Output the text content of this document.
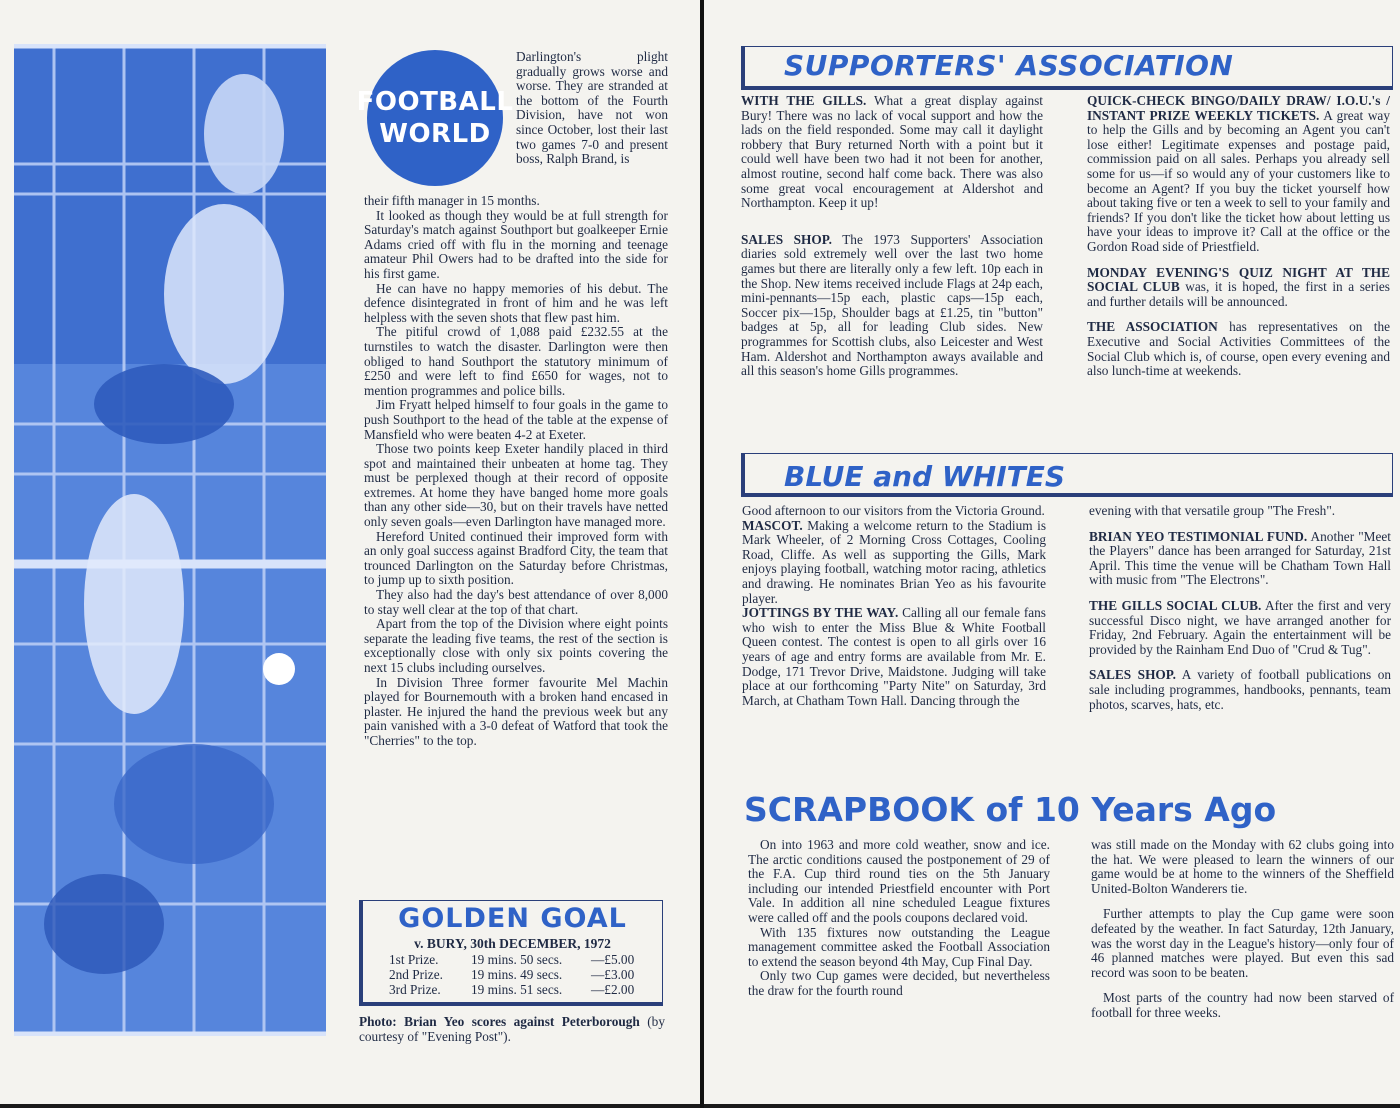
FOOTBALL
WORLD

Darlington's plight gradually grows worse and worse. They are stranded at the bottom of the Fourth Division, have not won since October, lost their last two games 7-0 and present boss, Ralph Brand, is

their fifth manager in 15 months.

It looked as though they would be at full strength for Saturday's match against Southport but goalkeeper Ernie Adams cried off with flu in the morning and teenage amateur Phil Owers had to be drafted into the side for his first game.

He can have no happy memories of his debut. The defence disintegrated in front of him and he was left helpless with the seven shots that flew past him.

The pitiful crowd of 1,088 paid £232.55 at the turnstiles to watch the disaster. Darlington were then obliged to hand Southport the statutory minimum of £250 and were left to find £650 for wages, not to mention programmes and police bills.

Jim Fryatt helped himself to four goals in the game to push Southport to the head of the table at the expense of Mansfield who were beaten 4-2 at Exeter.

Those two points keep Exeter handily placed in third spot and maintained their unbeaten at home tag. They must be perplexed though at their record of opposite extremes. At home they have banged home more goals than any other side—30, but on their travels have netted only seven goals—even Darlington have managed more.

Hereford United continued their improved form with an only goal success against Bradford City, the team that trounced Darlington on the Saturday before Christmas, to jump up to sixth position.

They also had the day's best attendance of over 8,000 to stay well clear at the top of that chart.

Apart from the top of the Division where eight points separate the leading five teams, the rest of the section is exceptionally close with only six points covering the next 15 clubs including ourselves.

In Division Three former favourite Mel Machin played for Bournemouth with a broken hand encased in plaster. He injured the hand the previous week but any pain vanished with a 3-0 defeat of Watford that took the "Cherries" to the top.

GOLDEN GOAL
v. BURY, 30th DECEMBER, 1972
1st Prize. 19 mins. 50 secs. —£5.00
2nd Prize. 19 mins. 49 secs. —£3.00
3rd Prize. 19 mins. 51 secs. —£2.00
Photo: Brian Yeo scores against Peterborough (by courtesy of "Evening Post").
SUPPORTERS' ASSOCIATION

WITH THE GILLS. What a great display against Bury! There was no lack of vocal support and how the lads on the field responded. Some may call it daylight robbery that Bury returned North with a point but it could well have been two had it not been for another, almost routine, second half come back. There was also some great vocal encouragement at Aldershot and Northampton. Keep it up!

SALES SHOP. The 1973 Supporters' Association diaries sold extremely well over the last two home games but there are literally only a few left. 10p each in the Shop. New items received include Flags at 24p each, mini-pennants—15p each, plastic caps—15p each, Soccer pix—15p, Shoulder bags at £1.25, tin "button" badges at 5p, all for leading Club sides. New programmes for Scottish clubs, also Leicester and West Ham. Aldershot and Northampton aways available and all this season's home Gills programmes.

QUICK-CHECK BINGO/DAILY DRAW/ I.O.U.'s / INSTANT PRIZE WEEKLY TICKETS. A great way to help the Gills and by becoming an Agent you can't lose either! Legitimate expenses and postage paid, commission paid on all sales. Perhaps you already sell some for us—if so would any of your customers like to become an Agent? If you buy the ticket yourself how about taking five or ten a week to sell to your family and friends? If you don't like the ticket how about letting us have your ideas to improve it? Call at the office or the Gordon Road side of Priestfield.

MONDAY EVENING'S QUIZ NIGHT AT THE SOCIAL CLUB was, it is hoped, the first in a series and further details will be announced.

THE ASSOCIATION has representatives on the Executive and Social Activities Committees of the Social Club which is, of course, open every evening and also lunch-time at weekends.

BLUE and WHITES

Good afternoon to our visitors from the Victoria Ground.

MASCOT. Making a welcome return to the Stadium is Mark Wheeler, of 2 Morning Cross Cottages, Cooling Road, Cliffe. As well as supporting the Gills, Mark enjoys playing football, watching motor racing, athletics and drawing. He nominates Brian Yeo as his favourite player.

JOTTINGS BY THE WAY. Calling all our female fans who wish to enter the Miss Blue & White Football Queen contest. The contest is open to all girls over 16 years of age and entry forms are available from Mr. E. Dodge, 171 Trevor Drive, Maidstone. Judging will take place at our forthcoming "Party Nite" on Saturday, 3rd March, at Chatham Town Hall. Dancing through the

evening with that versatile group "The Fresh".

BRIAN YEO TESTIMONIAL FUND. Another "Meet the Players" dance has been arranged for Saturday, 21st April. This time the venue will be Chatham Town Hall with music from "The Electrons".

THE GILLS SOCIAL CLUB. After the first and very successful Disco night, we have arranged another for Friday, 2nd February. Again the entertainment will be provided by the Rainham End Duo of "Crud & Tug".

SALES SHOP. A variety of football publications on sale including programmes, handbooks, pennants, team photos, scarves, hats, etc.

SCRAPBOOK of 10 Years Ago

On into 1963 and more cold weather, snow and ice. The arctic conditions caused the postponement of 29 of the F.A. Cup third round ties on the 5th January including our intended Priestfield encounter with Port Vale. In addition all nine scheduled League fixtures were called off and the pools coupons declared void.

With 135 fixtures now outstanding the League management committee asked the Football Association to extend the season beyond 4th May, Cup Final Day.

Only two Cup games were decided, but nevertheless the draw for the fourth round

was still made on the Monday with 62 clubs going into the hat. We were pleased to learn the winners of our game would be at home to the winners of the Sheffield United-Bolton Wanderers tie.

Further attempts to play the Cup game were soon defeated by the weather. In fact Saturday, 12th January, was the worst day in the League's history—only four of 46 planned matches were played. But even this sad record was soon to be beaten.

Most parts of the country had now been starved of football for three weeks.
